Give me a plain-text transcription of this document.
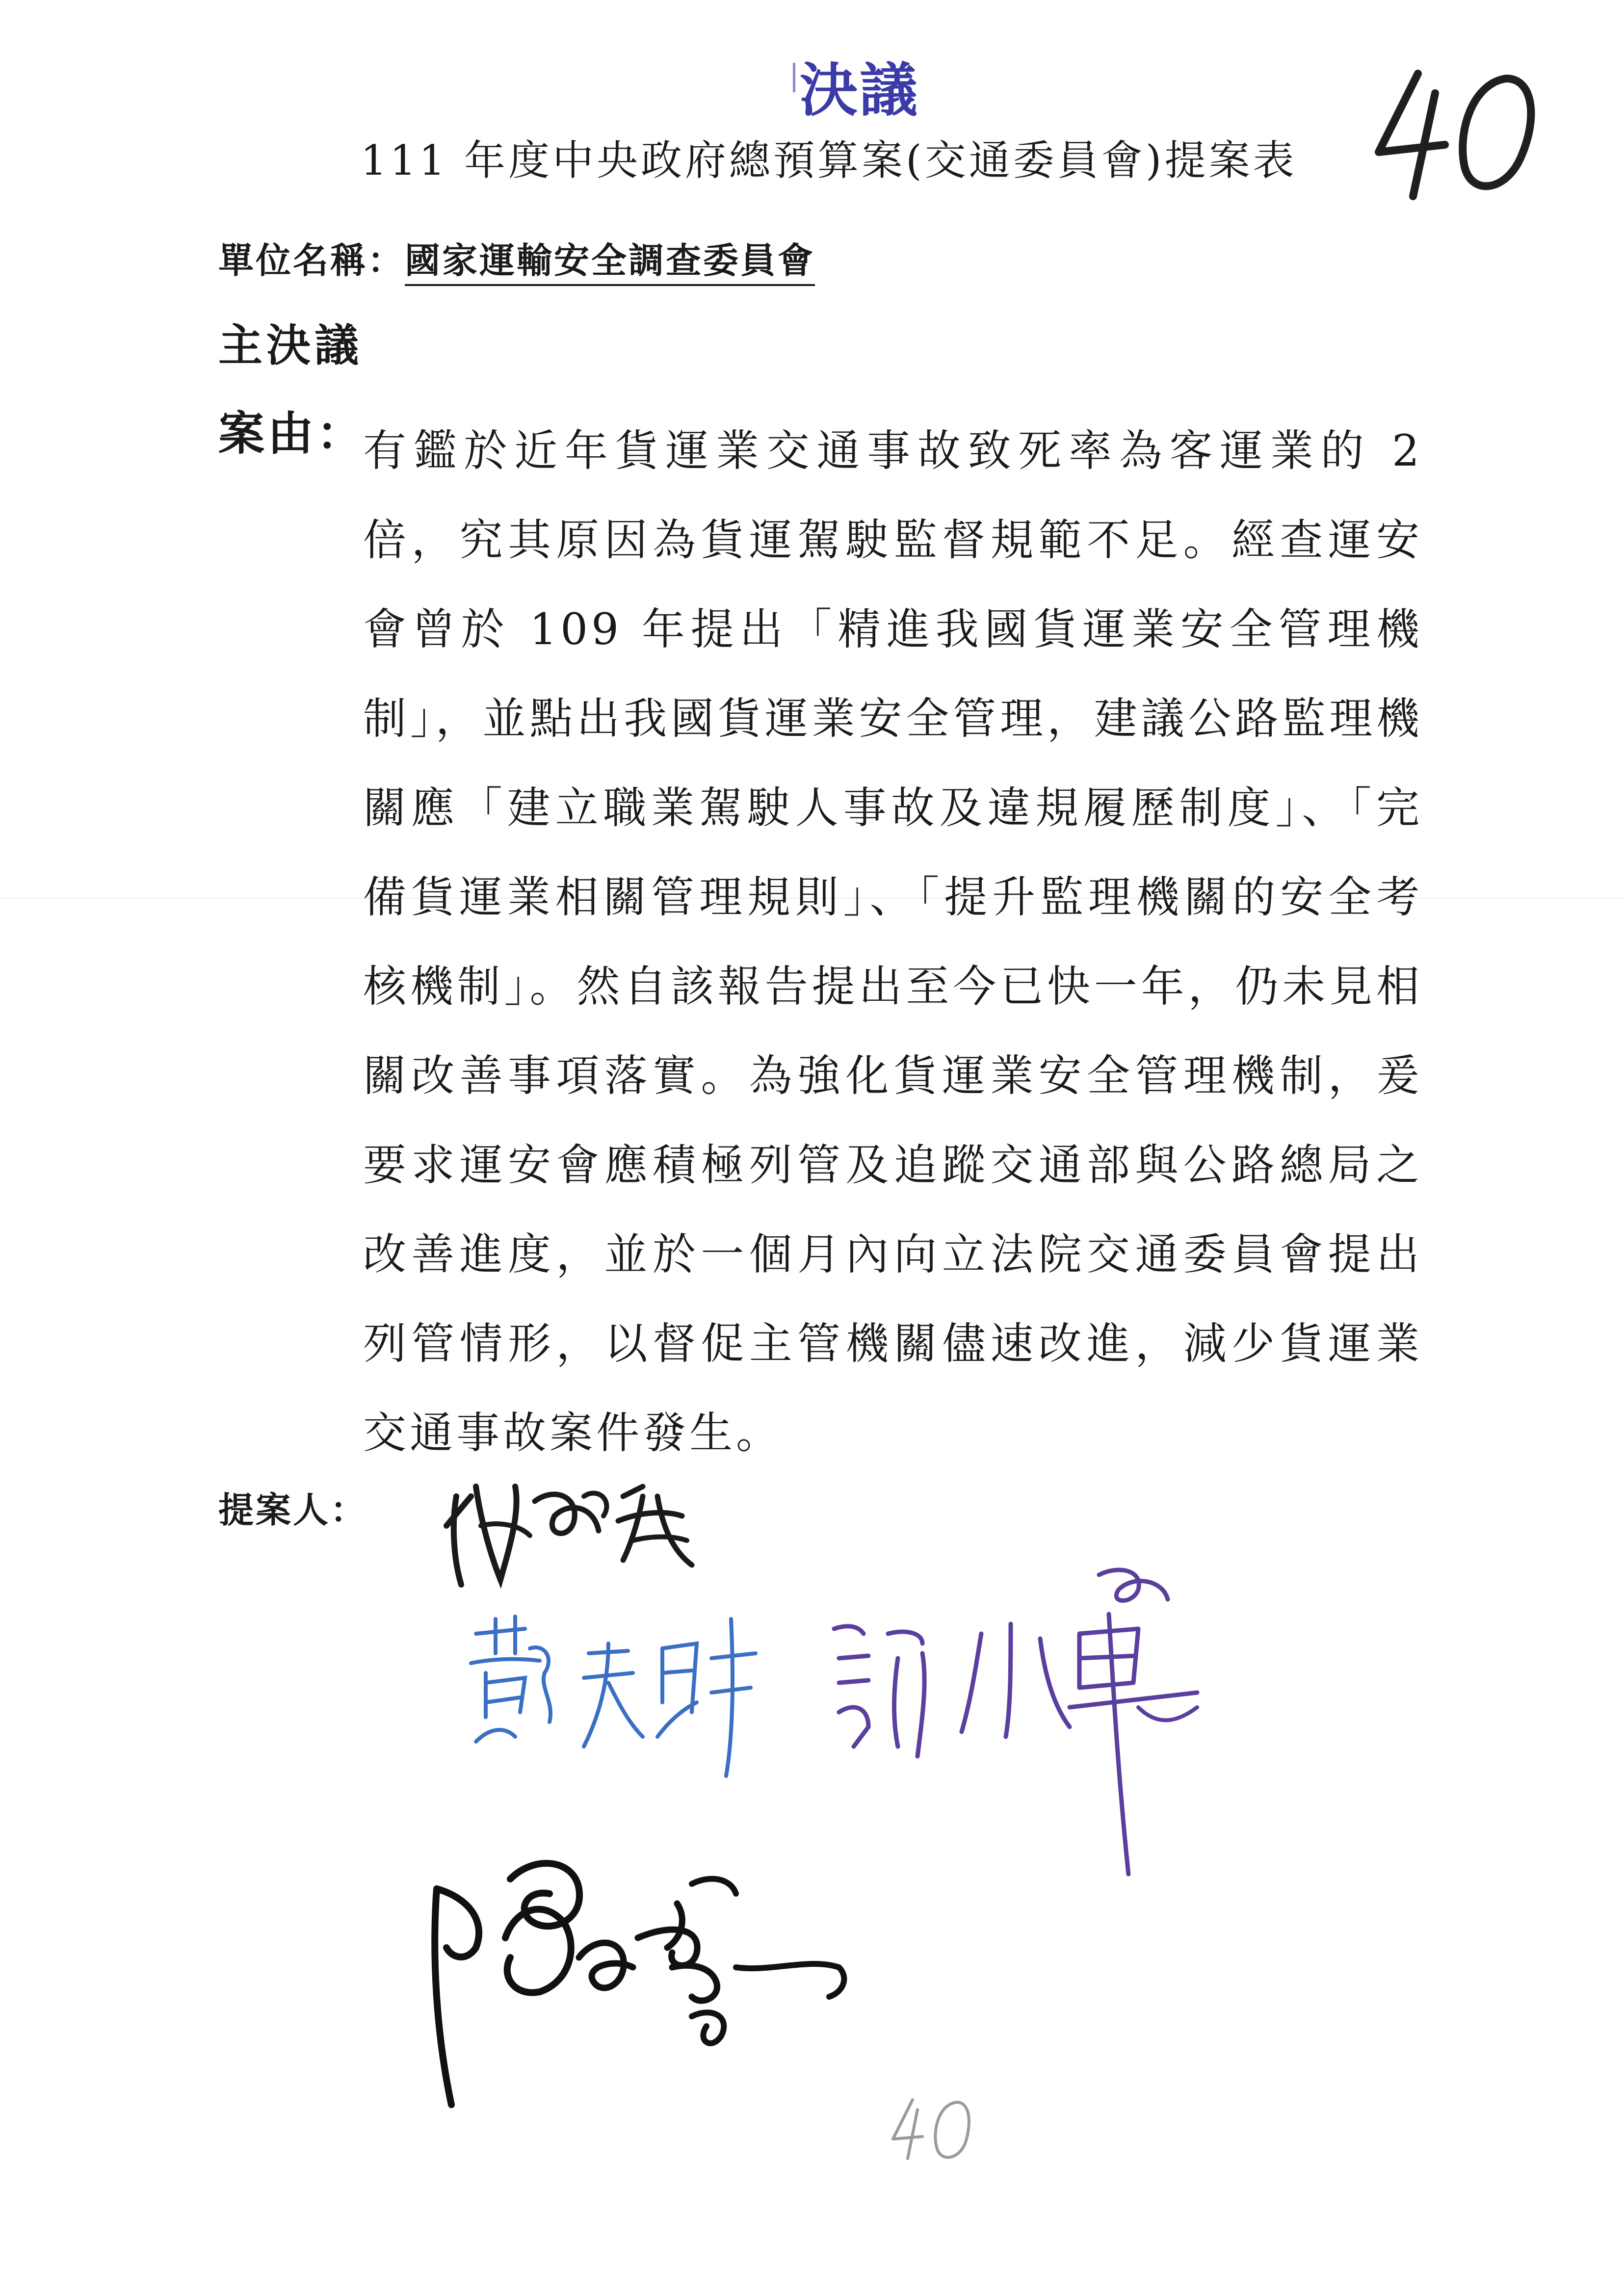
決議
111 年度中央政府總預算案(交通委員會)提案表
單位名稱：國家運輸安全調查委員會
主決議
案由：

有鑑於近年貨運業交通事故致死率為客運業的 2 倍，究其原因為貨運駕駛監督規範不足。經查運安會曾於 109 年提出「精進我國貨運業安全管理機制」，並點出我國貨運業安全管理，建議公路監理機關應「建立職業駕駛人事故及違規履歷制度」、「完備貨運業相關管理規則」、「提升監理機關的安全考核機制」。然自該報告提出至今已快一年，仍未見相關改善事項落實。為強化貨運業安全管理機制，爰要求運安會應積極列管及追蹤交通部與公路總局之改善進度，並於一個月內向立法院交通委員會提出列管情形，以督促主管機關儘速改進，減少貨運業交通事故案件發生。

提案人：
